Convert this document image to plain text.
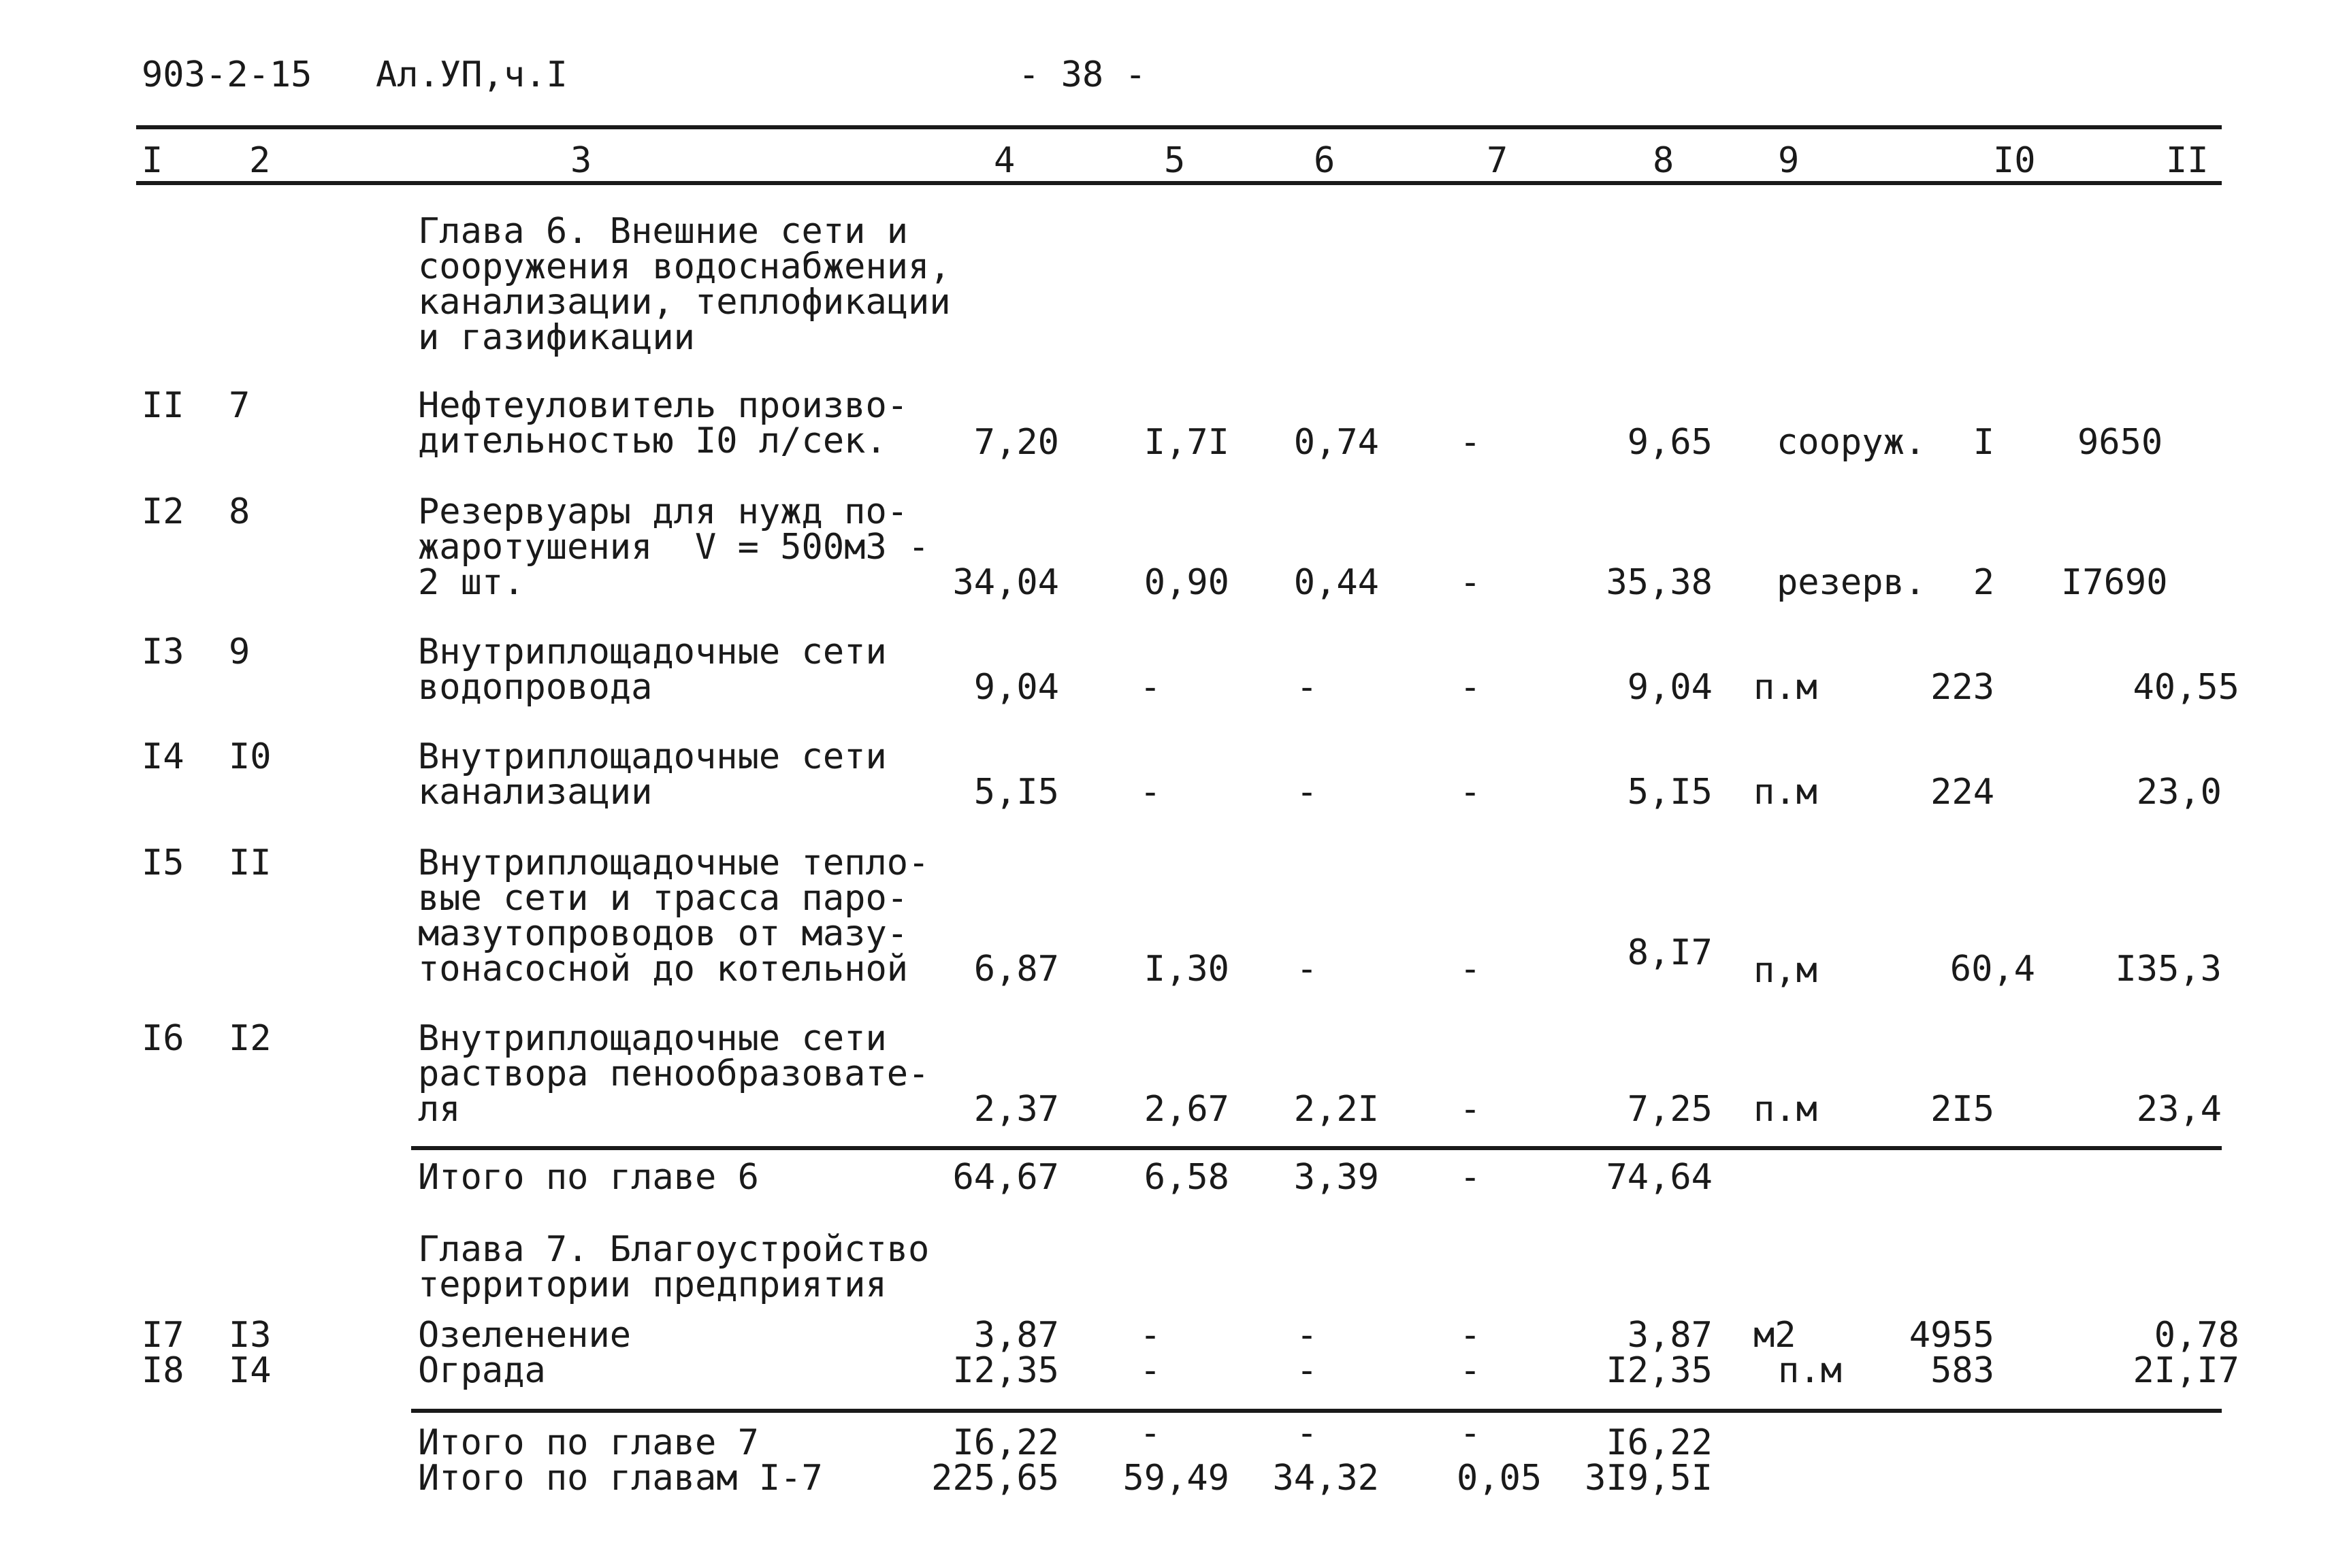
903-2-15 Ал.УП,ч.I	- 38 -
I 2	3	4	5	6	7	8	9	I0	II
Глава 6. Внешние сети и
сооружения водоснабжения,
канализации, теплофикации
и газификации
II 7	Нефтеуловитель произво-
дительностью I0 л/сек.	7,20	I,7I	0,74	-	9,65 сооруж.	I 9650
I2 8	Резервуары для нужд по-
жаротушения  V = 500м3 -
2 шт.	34,04	0,90	0,44	-	35,38 резерв.	2 I7690
I3 9	Внутриплощадочные сети
водопровода	9,04	-	-	-	9,04 п.м	223	40,55
I4 I0	Внутриплощадочные сети
канализации	5,I5	-	-	-	5,I5 п.м	224	23,0
I5 II	Внутриплощадочные тепло-
вые сети и трасса паро-
мазутопроводов от мазу-
тонасосной до котельной	6,87	I,30	-	-	8,I7 п,м	60,4	I35,3
I6 I2	Внутриплощадочные сети
раствора пенообразовате-
ля	2,37	2,67	2,2I	-	7,25 п.м	2I5	23,4
Итого по главе 6	64,67	6,58	3,39	-	74,64
Глава 7. Благоустройство
территории предприятия
I7 I3	Озеленение	3,87	-	-	-	3,87 м2	4955	0,78
I8 I4	Ограда	I2,35	-	-	-	I2,35 п.м	583	2I,I7
Итого по главе 7	I6,22	-	-	-	I6,22
Итого по главам I-7	225,65	59,49	34,32 0,05	3I9,5I
